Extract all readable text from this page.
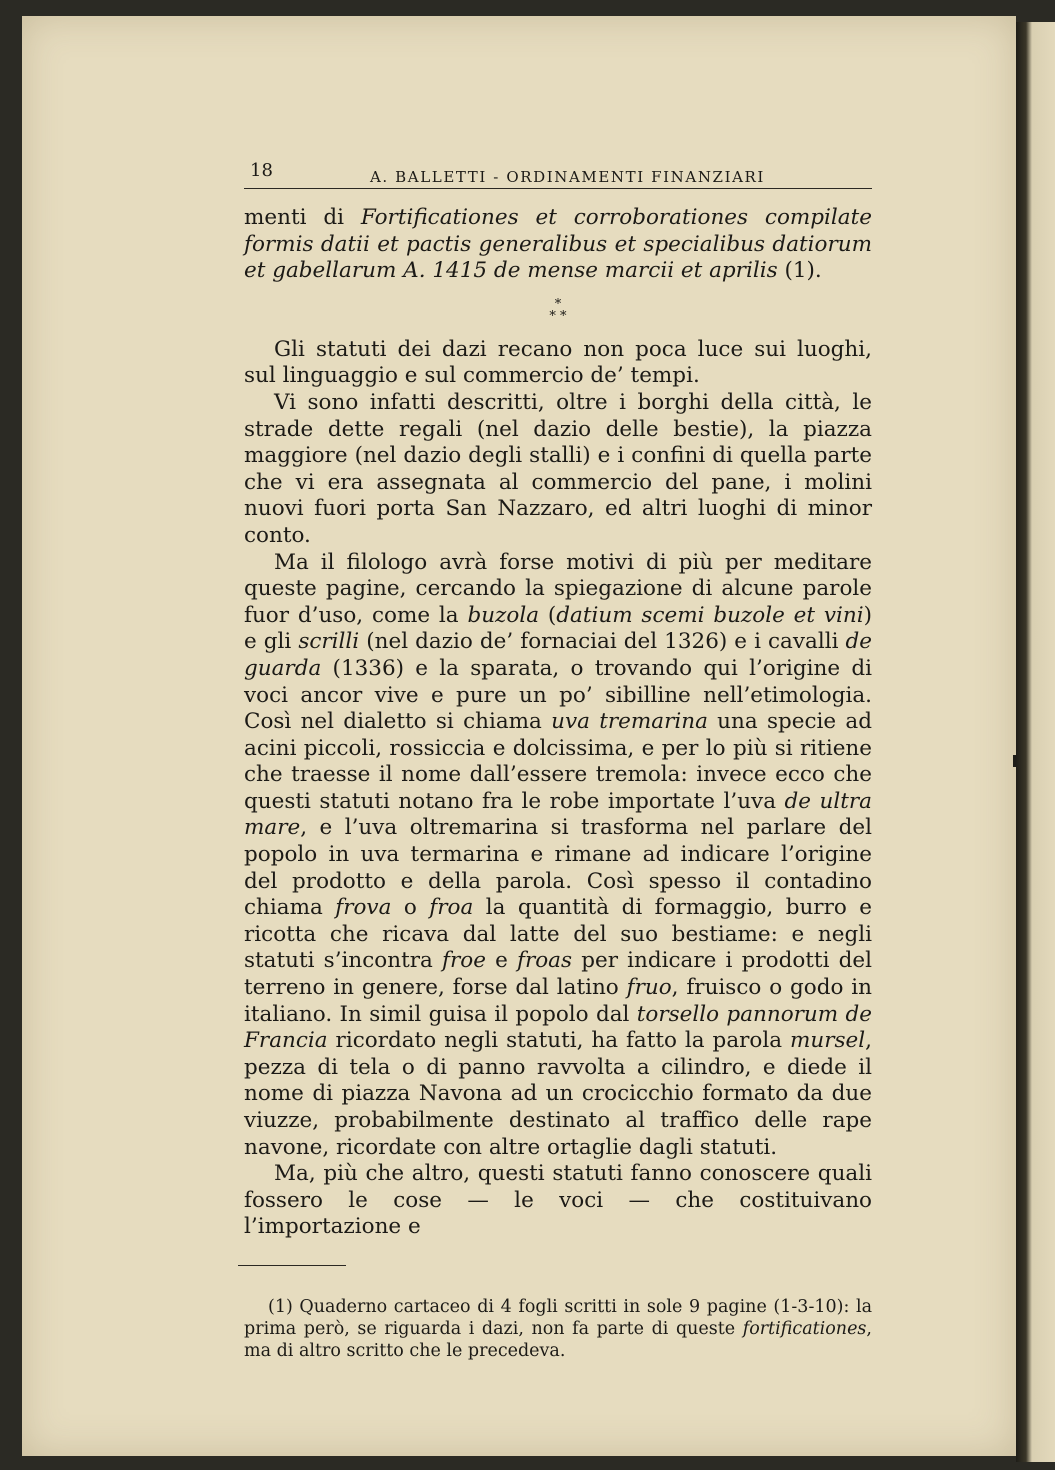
18	A. BALLETTI - ORDINAMENTI FINANZIARI

menti di Fortificationes et corroborationes compilate formis datii et pactis generalibus et specialibus datiorum et gabellarum A. 1415 de mense marcii et aprilis (1).

*
* *

Gli statuti dei dazi recano non poca luce sui luoghi, sul linguaggio e sul commercio de’ tempi.

Vi sono infatti descritti, oltre i borghi della città, le strade dette regali (nel dazio delle bestie), la piazza maggiore (nel dazio degli stalli) e i confini di quella parte che vi era assegnata al commercio del pane, i molini nuovi fuori porta San Nazzaro, ed altri luoghi di minor conto.

Ma il filologo avrà forse motivi di più per meditare queste pagine, cercando la spiegazione di alcune parole fuor d’uso, come la buzola (datium scemi buzole et vini) e gli scrilli (nel dazio de’ fornaciai del 1326) e i cavalli de guarda (1336) e la sparata, o trovando qui l’origine di voci ancor vive e pure un po’ sibilline nell’etimologia. Così nel dialetto si chiama uva tremarina una specie ad acini piccoli, rossiccia e dolcissima, e per lo più si ritiene che traesse il nome dall’essere tremola: invece ecco che questi statuti notano fra le robe importate l’uva de ultra mare, e l’uva oltremarina si trasforma nel parlare del popolo in uva termarina e rimane ad indicare l’origine del prodotto e della parola. Così spesso il contadino chiama frova o froa la quantità di formaggio, burro e ricotta che ricava dal latte del suo bestiame: e negli statuti s’incontra froe e froas per indicare i prodotti del terreno in genere, forse dal latino fruo, fruisco o godo in italiano. In simil guisa il popolo dal torsello pannorum de Francia ricordato negli statuti, ha fatto la parola mursel, pezza di tela o di panno ravvolta a cilindro, e diede il nome di piazza Navona ad un crocicchio formato da due viuzze, probabilmente destinato al traffico delle rape navone, ricordate con altre ortaglie dagli statuti.

Ma, più che altro, questi statuti fanno conoscere quali fossero le cose — le voci — che costituivano l’importazione e

(1) Quaderno cartaceo di 4 fogli scritti in sole 9 pagine (1-3-10): la prima però, se riguarda i dazi, non fa parte di queste fortificationes, ma di altro scritto che le precedeva.
